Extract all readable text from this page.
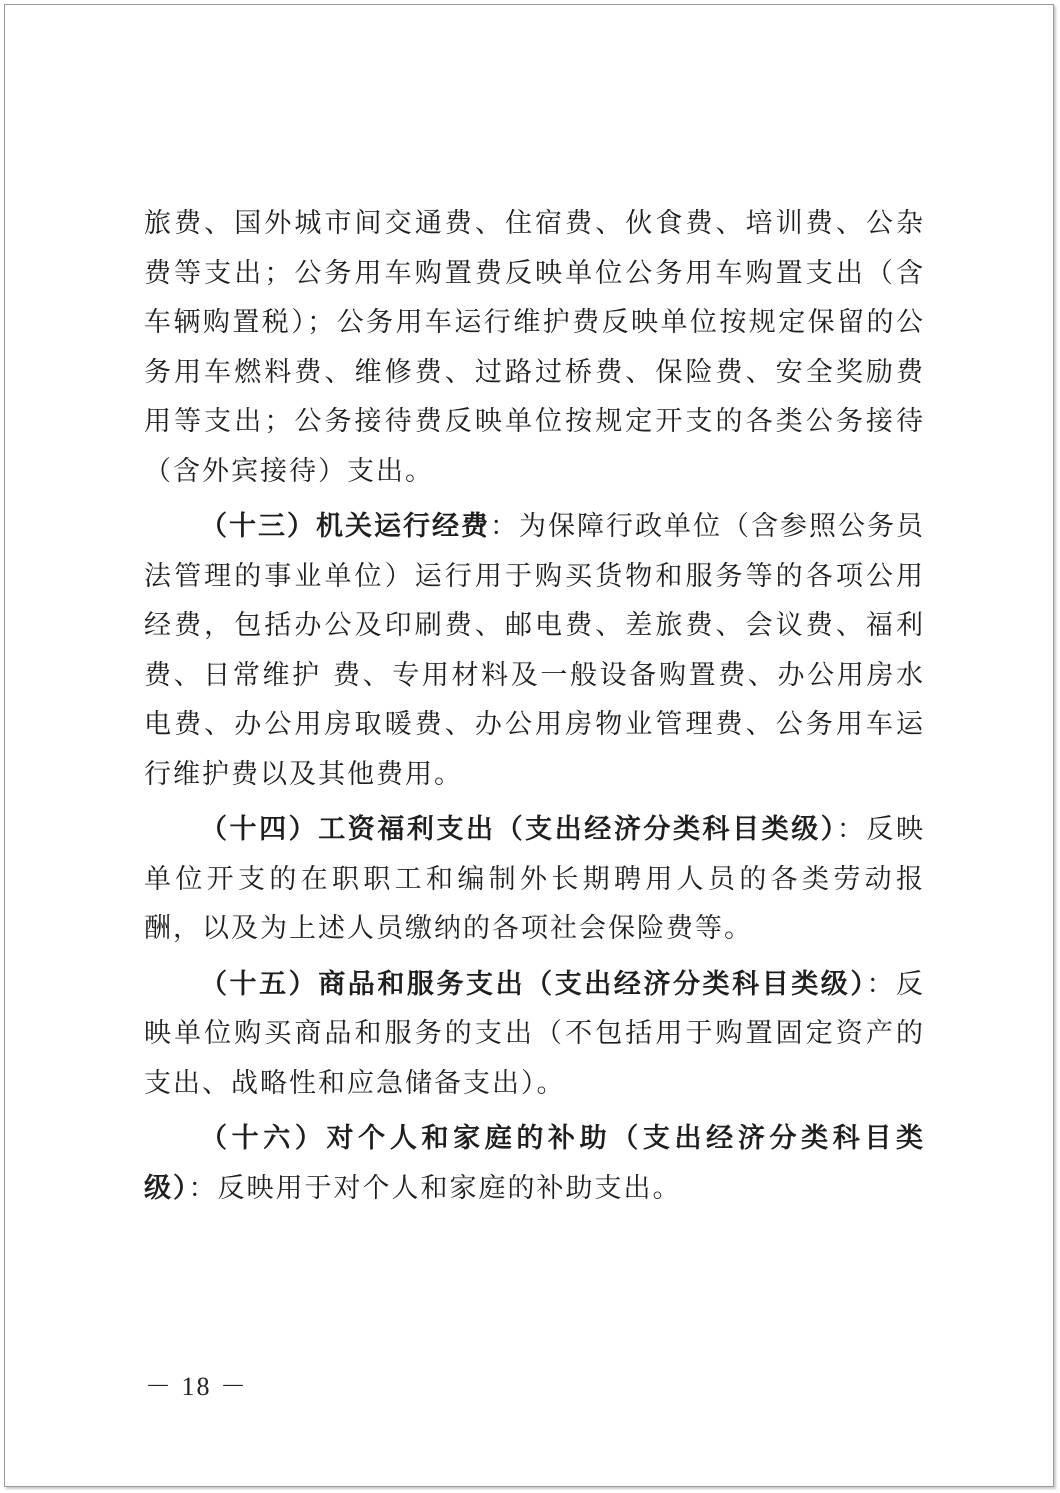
旅费、国外城市间交通费、住宿费、伙食费、培训费、公杂费等支出；公务用车购置费反映单位公务用车购置支出（含车辆购置税）；公务用车运行维护费反映单位按规定保留的公务用车燃料费、维修费、过路过桥费、保险费、安全奖励费用等支出；公务接待费反映单位按规定开支的各类公务接待（含外宾接待）支出。

（十三）机关运行经费：为保障行政单位（含参照公务员法管理的事业单位）运行用于购买货物和服务等的各项公用经费，包括办公及印刷费、邮电费、差旅费、会议费、福利费、日常维护 费、专用材料及一般设备购置费、办公用房水电费、办公用房取暖费、办公用房物业管理费、公务用车运行维护费以及其他费用。

（十四）工资福利支出（支出经济分类科目类级）：反映单位开支的在职职工和编制外长期聘用人员的各类劳动报酬，以及为上述人员缴纳的各项社会保险费等。

（十五）商品和服务支出（支出经济分类科目类级）：反映单位购买商品和服务的支出（不包括用于购置固定资产的支出、战略性和应急储备支出）。

（十六）对个人和家庭的补助（支出经济分类科目类级）：反映用于对个人和家庭的补助支出。

－ 18 －
